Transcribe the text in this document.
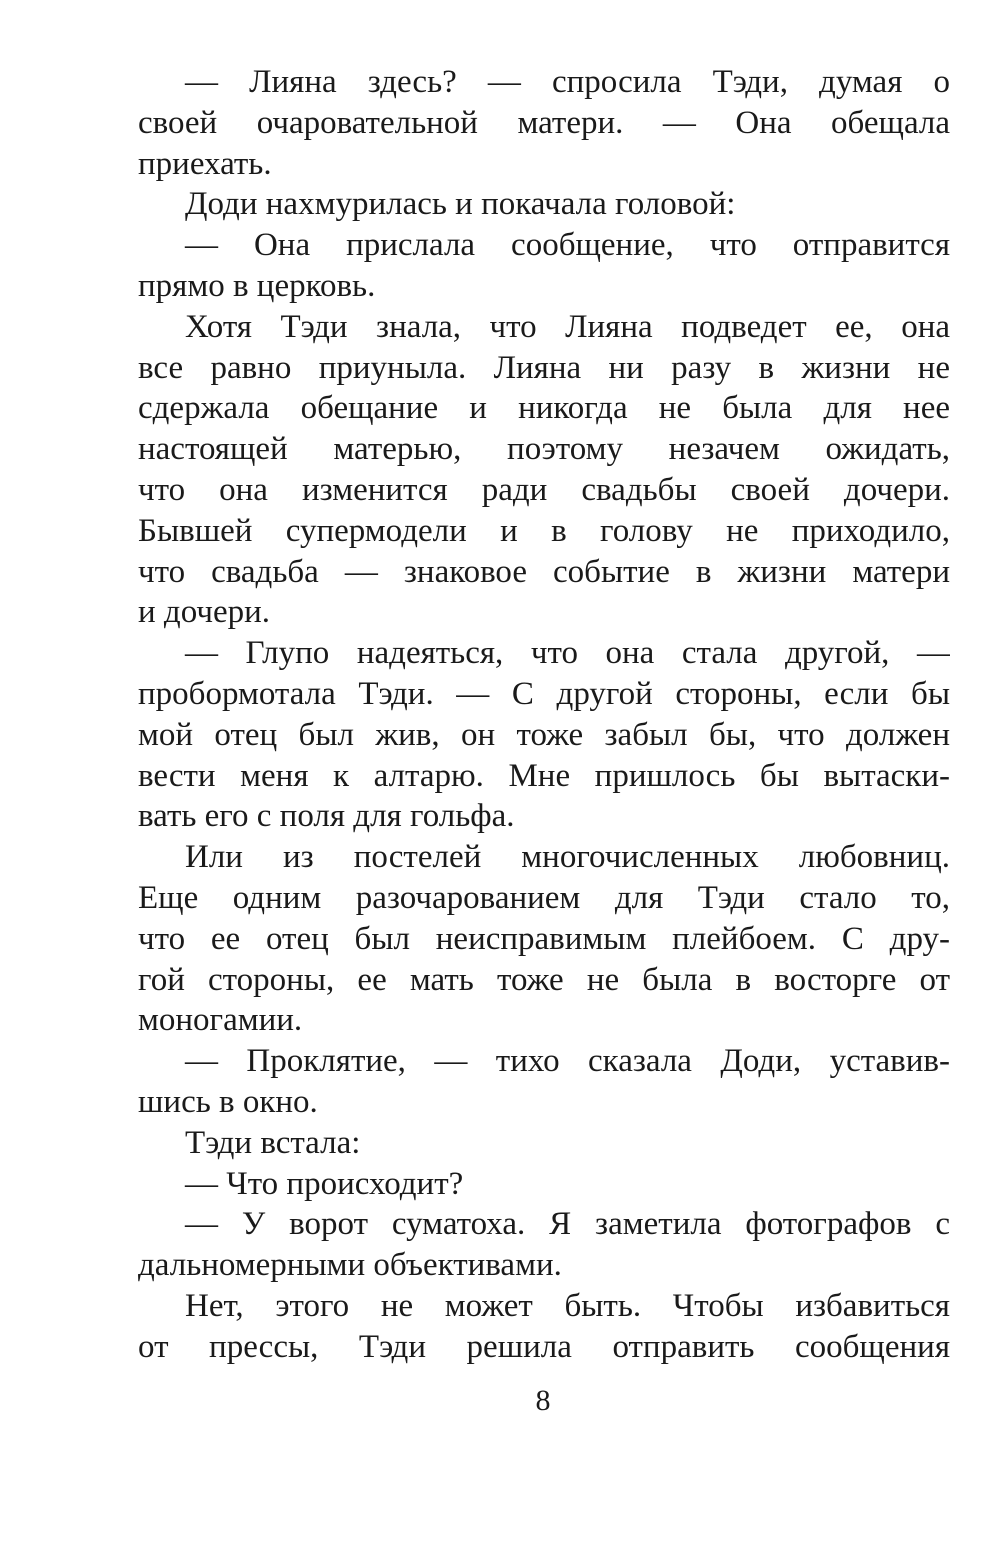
— Лияна здесь? — спросила Тэди, думая о
своей очаровательной матери. — Она обещала
приехать.
Доди нахмурилась и покачала головой:
— Она прислала сообщение, что отправится
прямо в церковь.
Хотя Тэди знала, что Лияна подведет ее, она
все равно приуныла. Лияна ни разу в жизни не
сдержала обещание и никогда не была для нее
настоящей матерью, поэтому незачем ожидать,
что она изменится ради свадьбы своей дочери.
Бывшей супермодели и в голову не приходило,
что свадьба — знаковое событие в жизни матери
и дочери.
— Глупо надеяться, что она стала другой, —
пробормотала Тэди. — С другой стороны, если бы
мой отец был жив, он тоже забыл бы, что должен
вести меня к алтарю. Мне пришлось бы вытаски-
вать его с поля для гольфа.
Или из постелей многочисленных любовниц.
Еще одним разочарованием для Тэди стало то,
что ее отец был неисправимым плейбоем. С дру-
гой стороны, ее мать тоже не была в восторге от
моногамии.
— Проклятие, — тихо сказала Доди, уставив-
шись в окно.
Тэди встала:
— Что происходит?
— У ворот суматоха. Я заметила фотографов с
дальномерными объективами.
Нет, этого не может быть. Чтобы избавиться
от прессы, Тэди решила отправить сообщения
8
